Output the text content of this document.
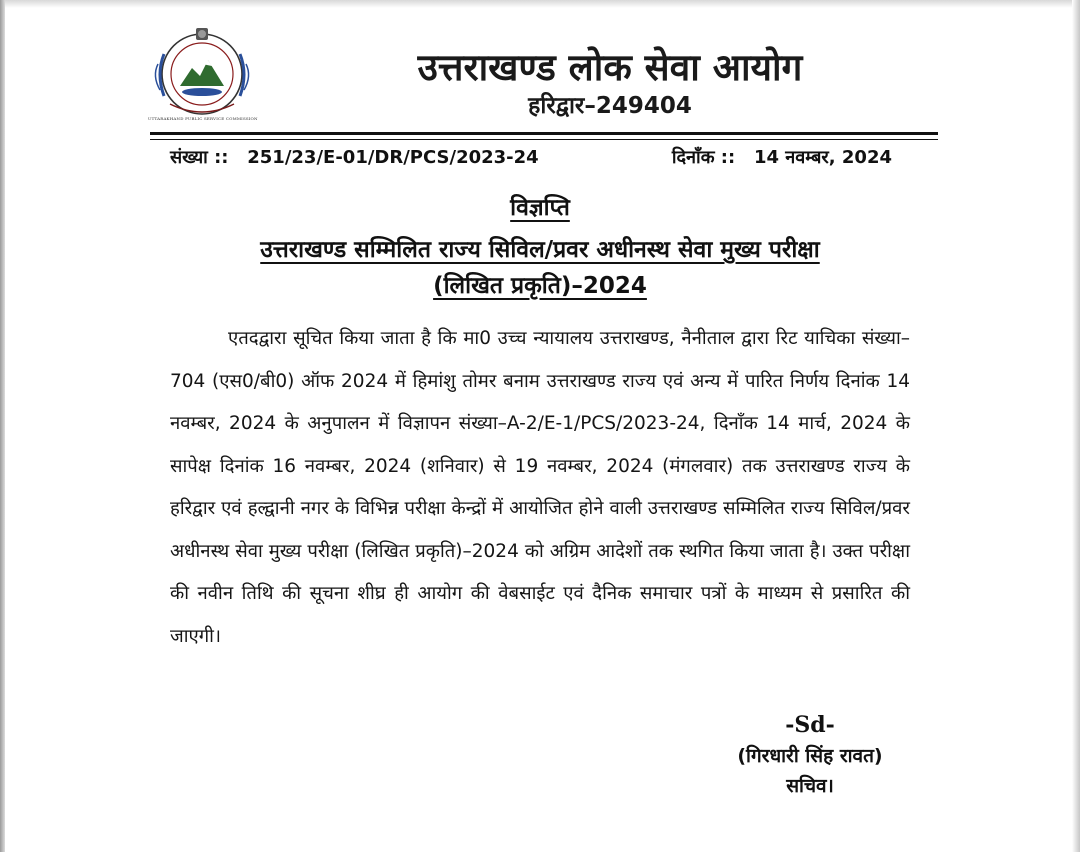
UTTARAKHAND PUBLIC SERVICE COMMISSION
उत्तराखण्ड लोक सेवा आयोग
हरिद्वार–249404
संख्या ::   251/23/E-01/DR/PCS/2023-24	दिनाँक ::   14 नवम्बर, 2024
विज्ञप्ति
उत्तराखण्ड सम्मिलित राज्य सिविल/प्रवर अधीनस्थ सेवा मुख्य परीक्षा
(लिखित प्रकृति)–2024
एतदद्वारा सूचित किया जाता है कि मा0 उच्च न्यायालय उत्तराखण्ड, नैनीताल द्वारा रिट याचिका संख्या–704 (एस0/बी0) ऑफ 2024 में हिमांशु तोमर बनाम उत्तराखण्ड राज्य एवं अन्य में पारित निर्णय दिनांक 14 नवम्बर, 2024 के अनुपालन में विज्ञापन संख्या–A-2/E-1/PCS/2023-24, दिनाँक 14 मार्च, 2024 के सापेक्ष दिनांक 16 नवम्बर, 2024 (शनिवार) से 19 नवम्बर, 2024 (मंगलवार) तक उत्तराखण्ड राज्य के हरिद्वार एवं हल्द्वानी नगर के विभिन्न परीक्षा केन्द्रों में आयोजित होने वाली उत्तराखण्ड सम्मिलित राज्य सिविल/प्रवर अधीनस्थ सेवा मुख्य परीक्षा (लिखित प्रकृति)–2024 को अग्रिम आदेशों तक स्थगित किया जाता है। उक्त परीक्षा की नवीन तिथि की सूचना शीघ्र ही आयोग की वेबसाईट एवं दैनिक समाचार पत्रों के माध्यम से प्रसारित की जाएगी।
-Sd-
(गिरधारी सिंह रावत)
सचिव।
